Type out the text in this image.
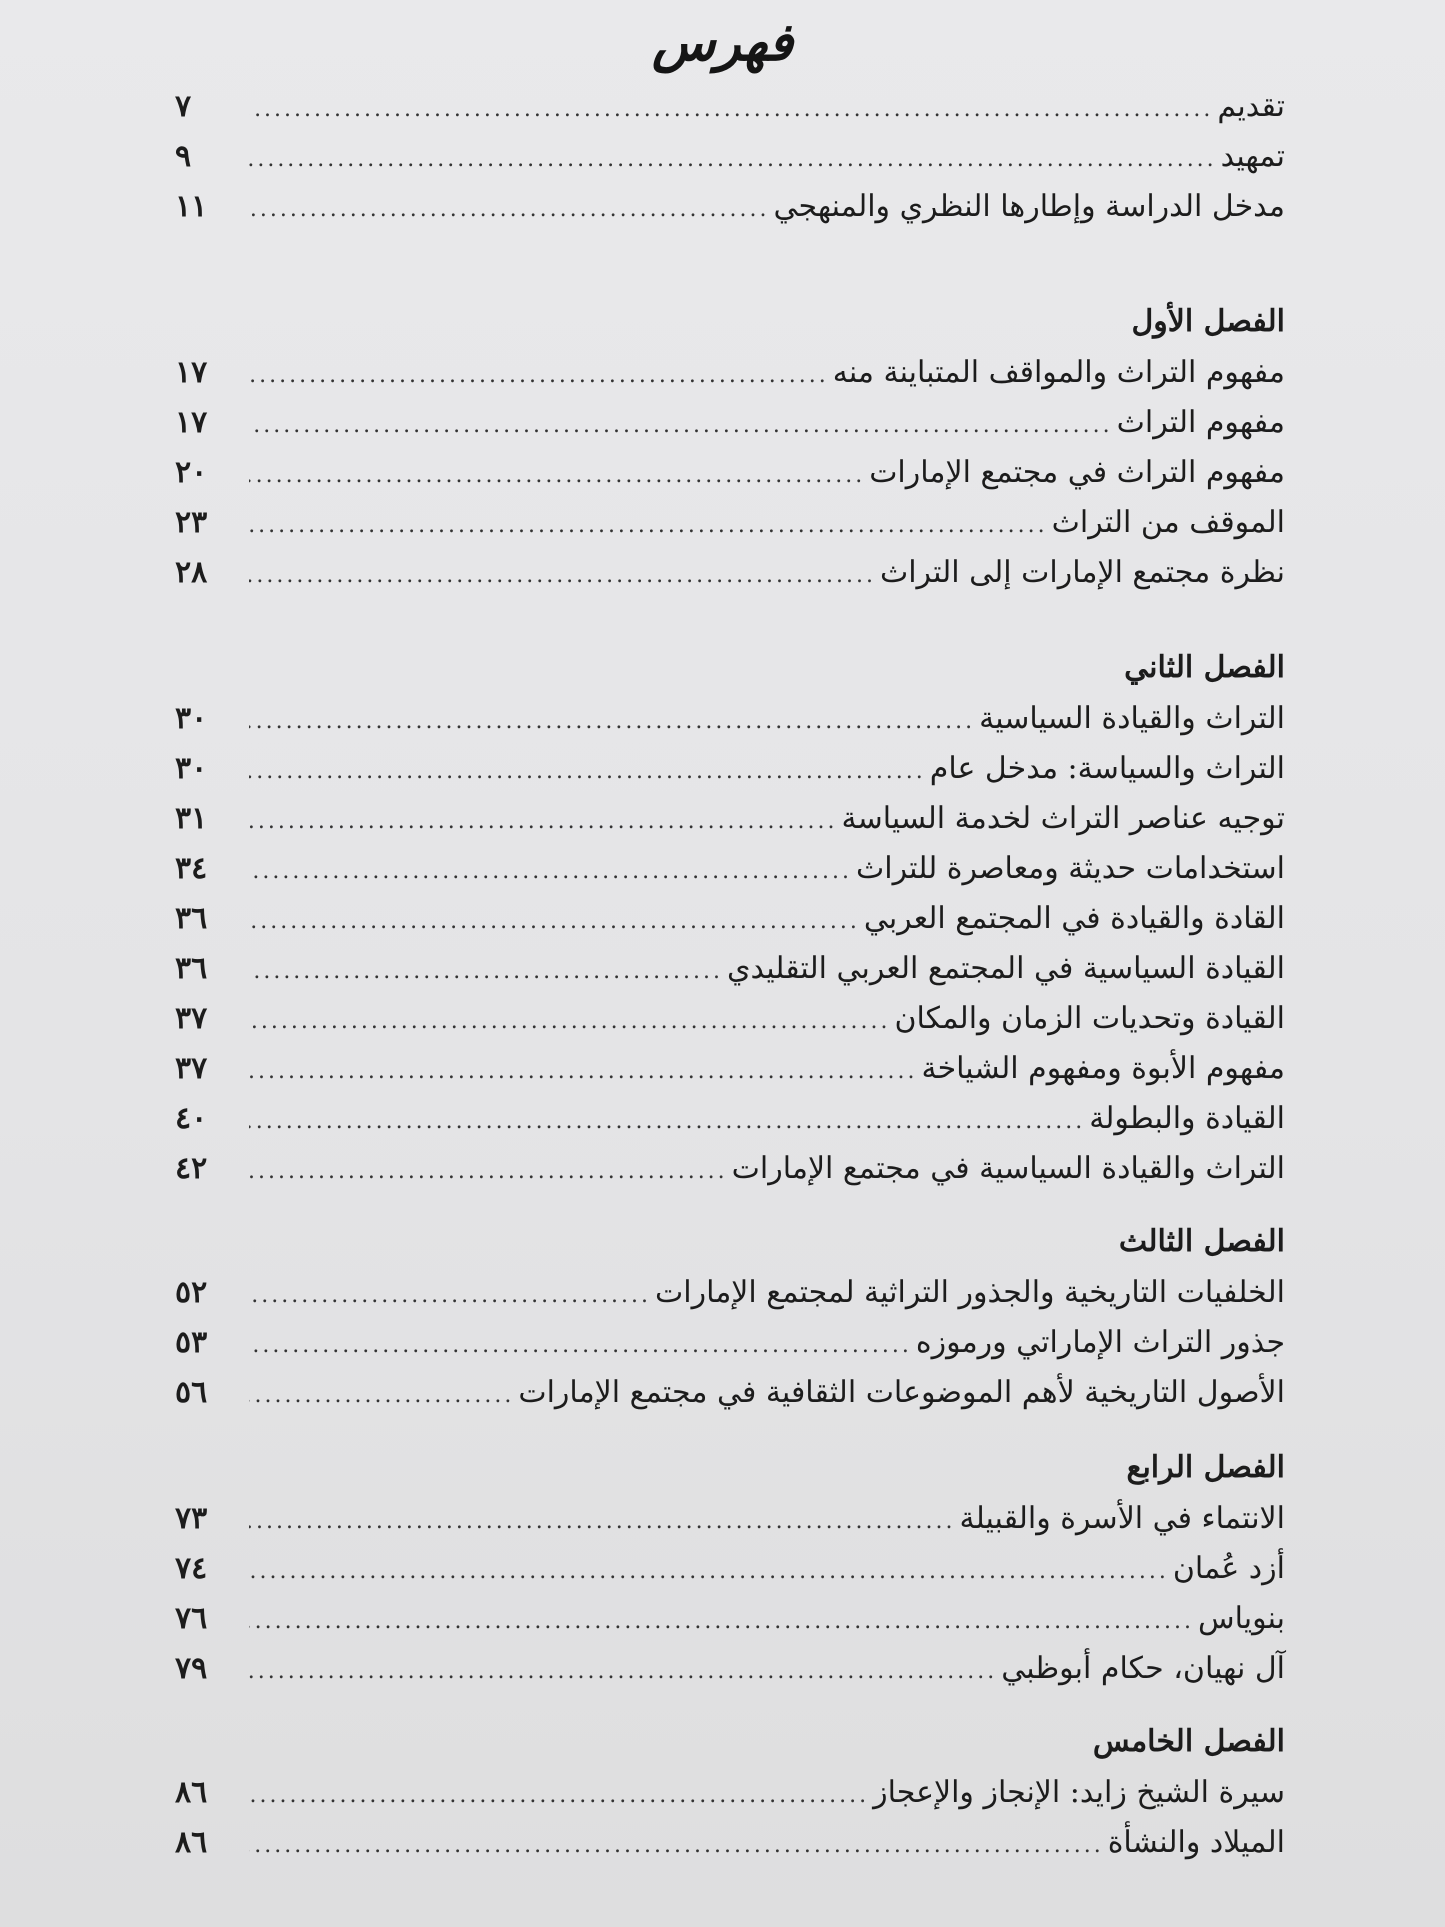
فهرس
تقديم
.....
٧
تمهيد
.....
٩
مدخل الدراسة وإطارها النظري والمنهجي
.....
١١
الفصل الأول
مفهوم التراث والمواقف المتباينة منه
.....
١٧
مفهوم التراث
.....
١٧
مفهوم التراث في مجتمع الإمارات
.....
٢٠
الموقف من التراث
.....
٢٣
نظرة مجتمع الإمارات إلى التراث
.....
٢٨
الفصل الثاني
التراث والقيادة السياسية
.....
٣٠
التراث والسياسة: مدخل عام
.....
٣٠
توجيه عناصر التراث لخدمة السياسة
.....
٣١
استخدامات حديثة ومعاصرة للتراث
.....
٣٤
القادة والقيادة في المجتمع العربي
.....
٣٦
القيادة السياسية في المجتمع العربي التقليدي
.....
٣٦
القيادة وتحديات الزمان والمكان
.....
٣٧
مفهوم الأبوة ومفهوم الشياخة
.....
٣٧
القيادة والبطولة
.....
٤٠
التراث والقيادة السياسية في مجتمع الإمارات
.....
٤٢
الفصل الثالث
الخلفيات التاريخية والجذور التراثية لمجتمع الإمارات
.....
٥٢
جذور التراث الإماراتي ورموزه
.....
٥٣
الأصول التاريخية لأهم الموضوعات الثقافية في مجتمع الإمارات
.....
٥٦
الفصل الرابع
الانتماء في الأسرة والقبيلة
.....
٧٣
أزد عُمان
.....
٧٤
بنوياس
.....
٧٦
آل نهيان، حكام أبوظبي
.....
٧٩
الفصل الخامس
سيرة الشيخ زايد: الإنجاز والإعجاز
.....
٨٦
الميلاد والنشأة
.....
٨٦
